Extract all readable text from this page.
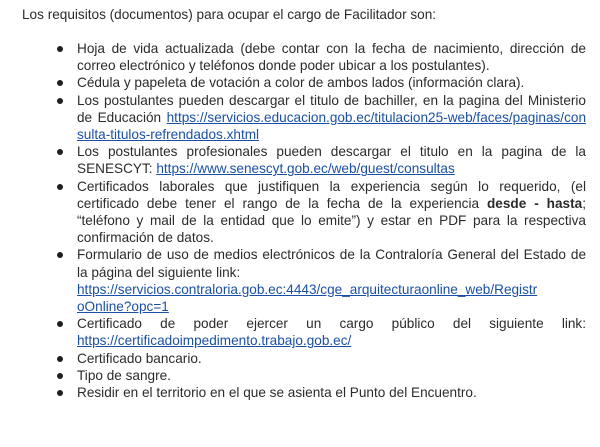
Los requisitos (documentos) para ocupar el cargo de Facilitador son:

Hoja de vida actualizada (debe contar con la fecha de nacimiento, dirección de correo electrónico y teléfonos donde poder ubicar a los postulantes).
Cédula y papeleta de votación a color de ambos lados (información clara).
Los postulantes pueden descargar el titulo de bachiller, en la pagina del Ministerio de Educación https://servicios.educacion.gob.ec/titulacion25-web/faces/paginas/consulta-titulos-refrendados.xhtml
Los postulantes profesionales pueden descargar el titulo en la pagina de la SENESCYT: https://www.senescyt.gob.ec/web/guest/consultas
Certificados laborales que justifiquen la experiencia según lo requerido, (el certificado debe tener el rango de la fecha de la experiencia desde - hasta; “teléfono y mail de la entidad que lo emite”) y estar en PDF para la respectiva confirmación de datos.
Formulario de uso de medios electrónicos de la Contraloría General del Estado de la página del siguiente link:
https://servicios.contraloria.gob.ec:4443/cge_arquitecturaonline_web/Registr
oOnline?opc=1
Certificado de poder ejercer un cargo público del siguiente link: https://certificadoimpedimento.trabajo.gob.ec/
Certificado bancario.
Tipo de sangre.
Residir en el territorio en el que se asienta el Punto del Encuentro.
